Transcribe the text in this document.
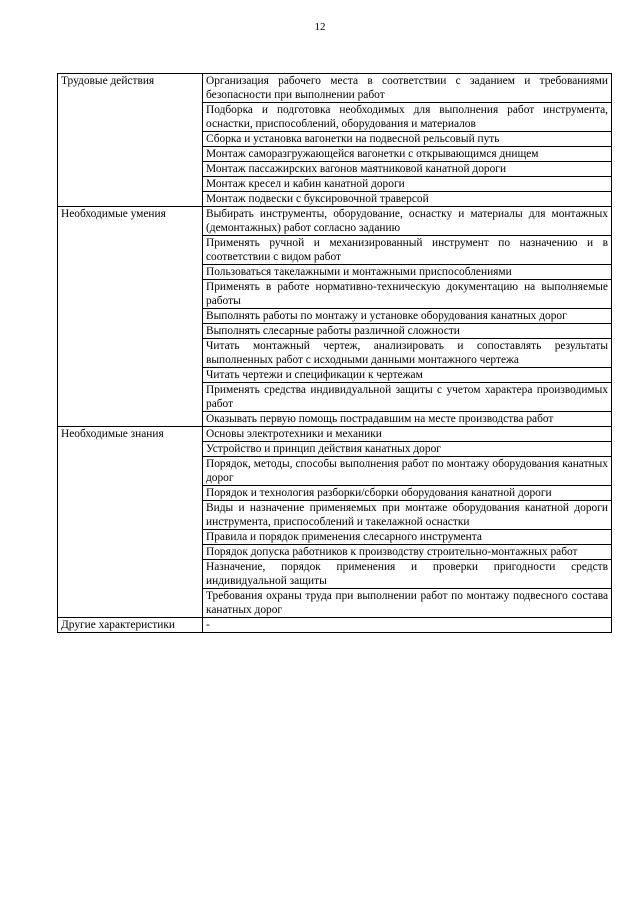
12
Трудовые действия	Организация рабочего места в соответствии с заданием и требованиями безопасности при выполнении работ
	Подборка и подготовка необходимых для выполнения работ инструмента, оснастки, приспособлений, оборудования и материалов
	Сборка и установка вагонетки на подвесной рельсовый путь
	Монтаж саморазгружающейся вагонетки с открывающимся днищем
	Монтаж пассажирских вагонов маятниковой канатной дороги
	Монтаж кресел и кабин канатной дороги
	Монтаж подвески с буксировочной траверсой
Необходимые умения	Выбирать инструменты, оборудование, оснастку и материалы для монтажных (демонтажных) работ согласно заданию
	Применять ручной и механизированный инструмент по назначению и в соответствии с видом работ
	Пользоваться такелажными и монтажными приспособлениями
	Применять в работе нормативно-техническую документацию на выполняемые работы
	Выполнять работы по монтажу и установке оборудования канатных дорог
	Выполнять слесарные работы различной сложности
	Читать монтажный чертеж, анализировать и сопоставлять результаты выполненных работ с исходными данными монтажного чертежа
	Читать чертежи и спецификации к чертежам
	Применять средства индивидуальной защиты с учетом характера производимых работ
	Оказывать первую помощь пострадавшим на месте производства работ
Необходимые знания	Основы электротехники и механики
	Устройство и принцип действия канатных дорог
	Порядок, методы, способы выполнения работ по монтажу оборудования канатных дорог
	Порядок и технология разборки/сборки оборудования канатной дороги
	Виды и назначение применяемых при монтаже оборудования канатной дороги инструмента, приспособлений и такелажной оснастки
	Правила и порядок применения слесарного инструмента
	Порядок допуска работников к производству строительно-монтажных работ
	Назначение, порядок применения и проверки пригодности средств индивидуальной защиты
	Требования охраны труда при выполнении работ по монтажу подвесного состава канатных дорог
Другие характеристики	-
